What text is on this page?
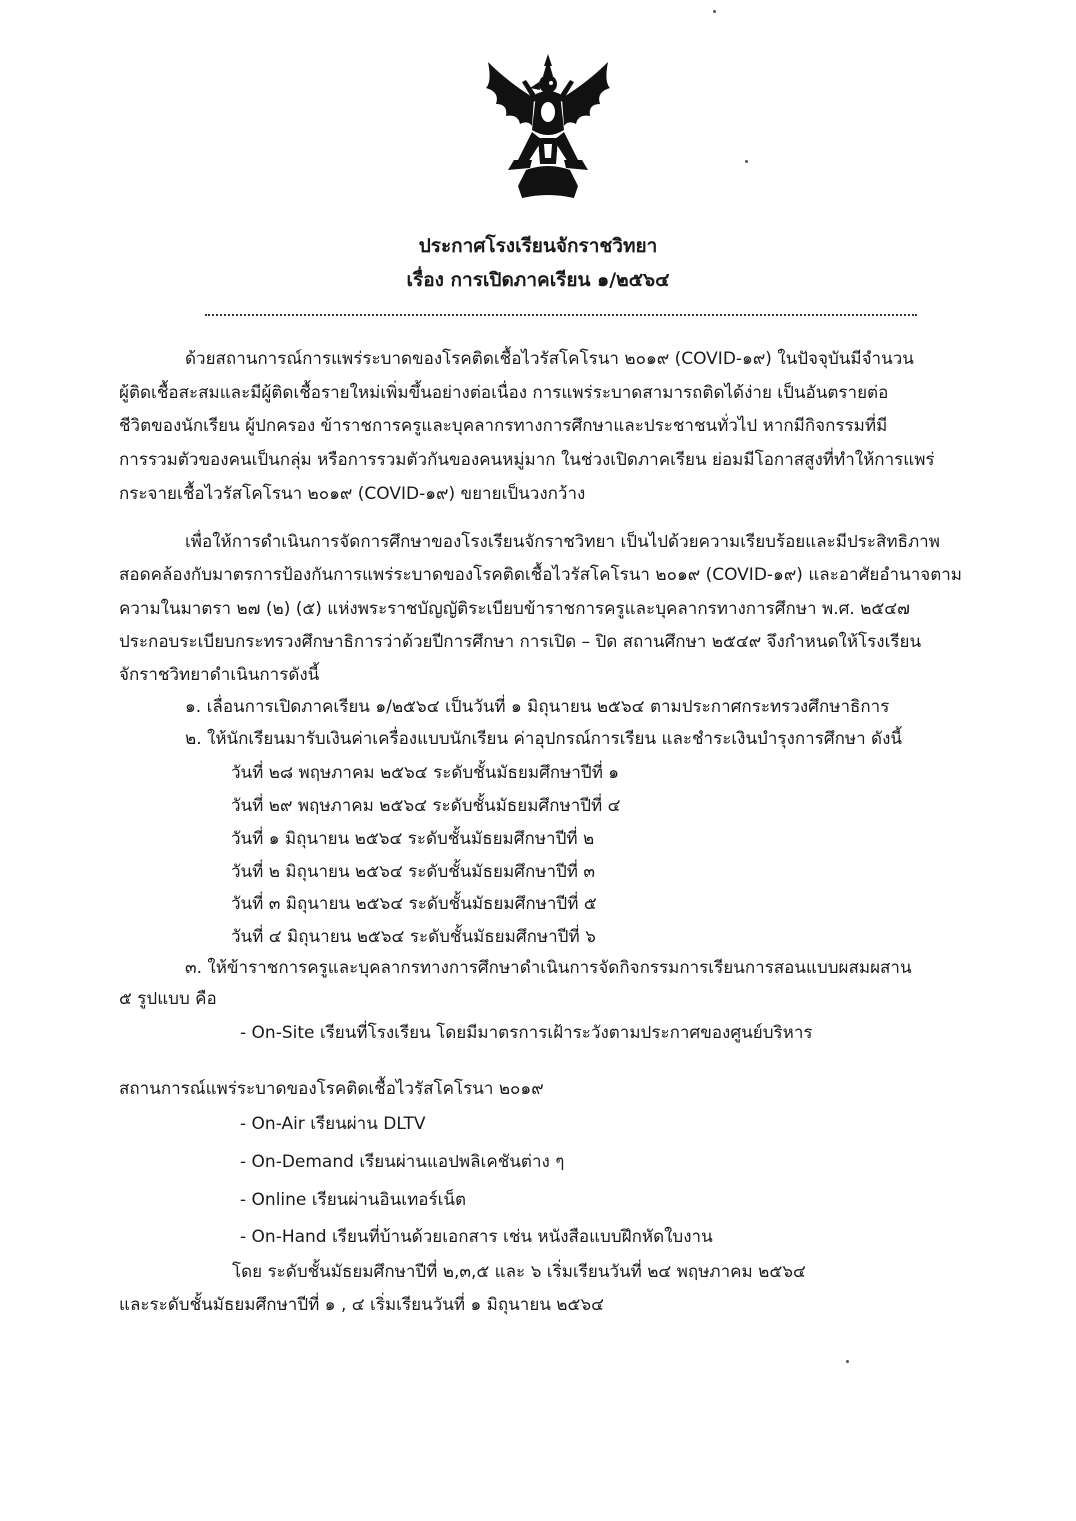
ประกาศโรงเรียนจักราชวิทยา
เรื่อง การเปิดภาคเรียน ๑/๒๕๖๔
ด้วยสถานการณ์การแพร่ระบาดของโรคติดเชื้อไวรัสโคโรนา ๒๐๑๙ (COVID-๑๙) ในปัจจุบันมีจำนวน
ผู้ติดเชื้อสะสมและมีผู้ติดเชื้อรายใหม่เพิ่มขึ้นอย่างต่อเนื่อง การแพร่ระบาดสามารถติดได้ง่าย เป็นอันตรายต่อ
ชีวิตของนักเรียน ผู้ปกครอง ข้าราชการครูและบุคลากรทางการศึกษาและประชาชนทั่วไป หากมีกิจกรรมที่มี
การรวมตัวของคนเป็นกลุ่ม หรือการรวมตัวกันของคนหมู่มาก ในช่วงเปิดภาคเรียน ย่อมมีโอกาสสูงที่ทำให้การแพร่
กระจายเชื้อไวรัสโคโรนา ๒๐๑๙ (COVID-๑๙) ขยายเป็นวงกว้าง
เพื่อให้การดำเนินการจัดการศึกษาของโรงเรียนจักราชวิทยา เป็นไปด้วยความเรียบร้อยและมีประสิทธิภาพ
สอดคล้องกับมาตรการป้องกันการแพร่ระบาดของโรคติดเชื้อไวรัสโคโรนา ๒๐๑๙ (COVID-๑๙) และอาศัยอำนาจตาม
ความในมาตรา ๒๗ (๒) (๕) แห่งพระราชบัญญัติระเบียบข้าราชการครูและบุคลากรทางการศึกษา พ.ศ. ๒๕๔๗
ประกอบระเบียบกระทรวงศึกษาธิการว่าด้วยปีการศึกษา การเปิด – ปิด สถานศึกษา ๒๕๔๙ จึงกำหนดให้โรงเรียน
จักราชวิทยาดำเนินการดังนี้
๑. เลื่อนการเปิดภาคเรียน ๑/๒๕๖๔ เป็นวันที่ ๑ มิถุนายน ๒๕๖๔ ตามประกาศกระทรวงศึกษาธิการ
๒. ให้นักเรียนมารับเงินค่าเครื่องแบบนักเรียน ค่าอุปกรณ์การเรียน และชำระเงินบำรุงการศึกษา ดังนี้
วันที่ ๒๘ พฤษภาคม ๒๕๖๔ ระดับชั้นมัธยมศึกษาปีที่ ๑
วันที่ ๒๙ พฤษภาคม ๒๕๖๔ ระดับชั้นมัธยมศึกษาปีที่ ๔
วันที่ ๑ มิถุนายน ๒๕๖๔ ระดับชั้นมัธยมศึกษาปีที่ ๒
วันที่ ๒ มิถุนายน ๒๕๖๔ ระดับชั้นมัธยมศึกษาปีที่ ๓
วันที่ ๓ มิถุนายน ๒๕๖๔ ระดับชั้นมัธยมศึกษาปีที่ ๕
วันที่ ๔ มิถุนายน ๒๕๖๔ ระดับชั้นมัธยมศึกษาปีที่ ๖
๓. ให้ข้าราชการครูและบุคลากรทางการศึกษาดำเนินการจัดกิจกรรมการเรียนการสอนแบบผสมผสาน
๕ รูปแบบ คือ
- On-Site เรียนที่โรงเรียน โดยมีมาตรการเฝ้าระวังตามประกาศของศูนย์บริหาร
สถานการณ์แพร่ระบาดของโรคติดเชื้อไวรัสโคโรนา ๒๐๑๙
- On-Air เรียนผ่าน DLTV
- On-Demand เรียนผ่านแอปพลิเคชันต่าง ๆ
- Online เรียนผ่านอินเทอร์เน็ต
- On-Hand เรียนที่บ้านด้วยเอกสาร เช่น หนังสือแบบฝึกหัดใบงาน
โดย ระดับชั้นมัธยมศึกษาปีที่ ๒,๓,๕ และ ๖ เริ่มเรียนวันที่ ๒๔ พฤษภาคม ๒๕๖๔
และระดับชั้นมัธยมศึกษาปีที่ ๑ , ๔ เริ่มเรียนวันที่ ๑ มิถุนายน ๒๕๖๔
